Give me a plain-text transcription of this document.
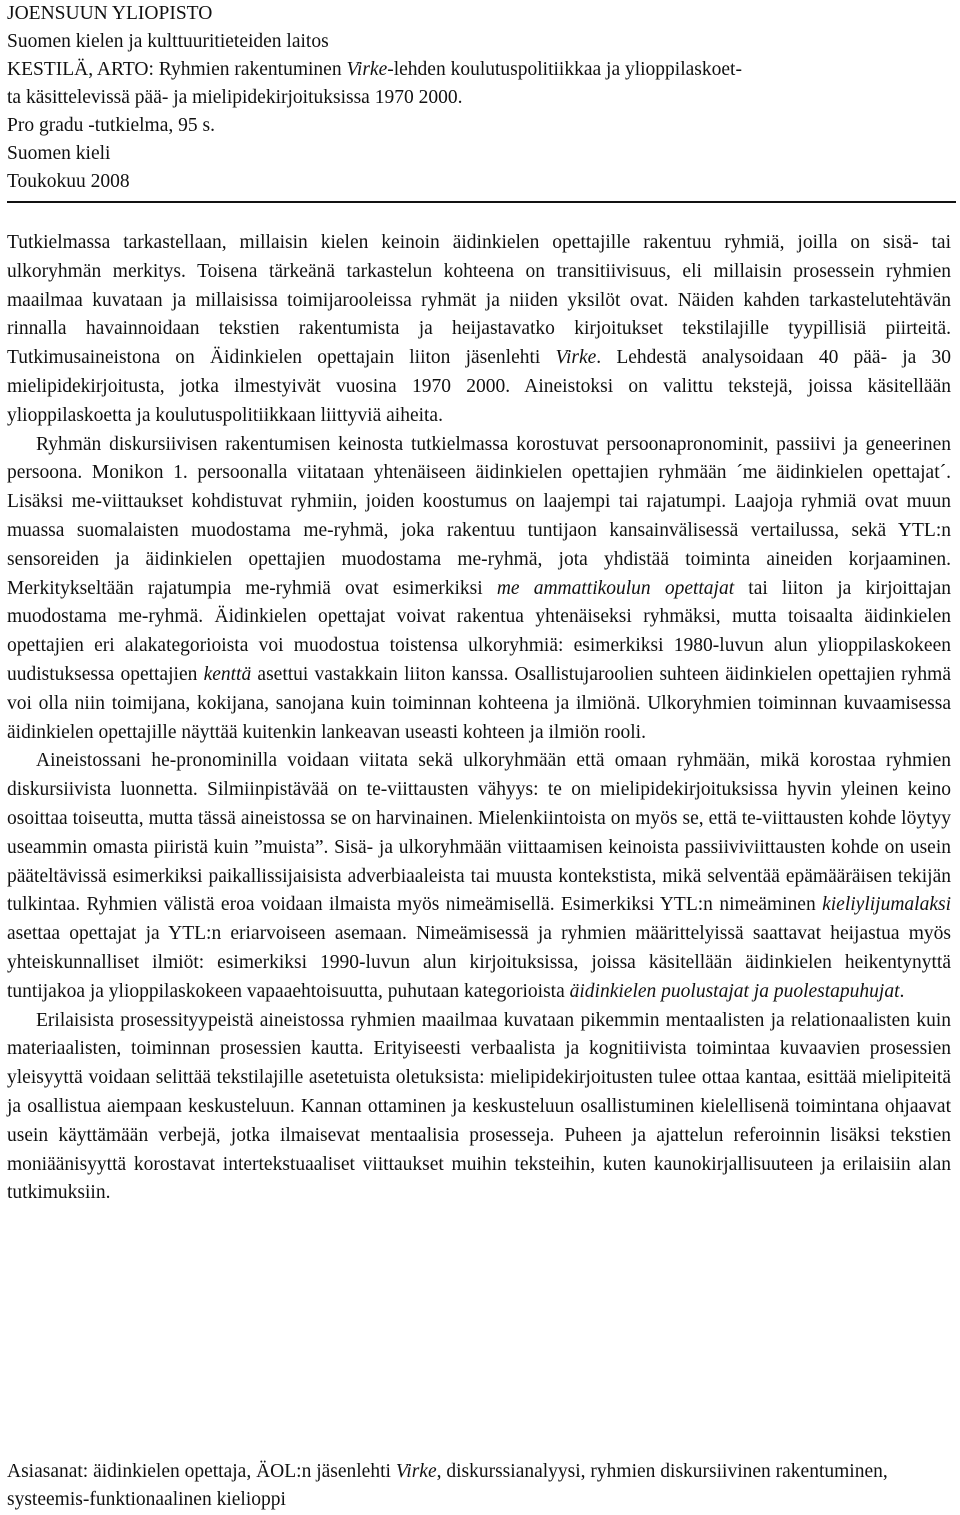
JOENSUUN YLIOPISTO
Suomen kielen ja kulttuuritieteiden laitos
KESTILÄ, ARTO: Ryhmien rakentuminen Virke-lehden koulutuspolitiikkaa ja ylioppilaskoet-
ta käsittelevissä pää- ja mielipidekirjoituksissa 1970 2000.
Pro gradu -tutkielma, 95 s.
Suomen kieli
Toukokuu 2008

Tutkielmassa tarkastellaan, millaisin kielen keinoin äidinkielen opettajille rakentuu ryhmiä, joilla on sisä- tai ulkoryhmän merkitys. Toisena tärkeänä tarkastelun kohteena on transitiivisuus, eli millaisin prosessein ryhmien maailmaa kuvataan ja millaisissa toimijarooleissa ryhmät ja niiden yksilöt ovat. Näiden kahden tarkastelutehtävän rinnalla havainnoidaan tekstien rakentumista ja heijastavatko kirjoitukset tekstilajille tyypillisiä piirteitä. Tutkimusaineistona on Äidinkielen opettajain liiton jäsenlehti Virke. Lehdestä analysoidaan 40 pää- ja 30 mielipidekirjoitusta, jotka ilmestyivät vuosina 1970 2000. Aineistoksi on valittu tekstejä, joissa käsitellään ylioppilaskoetta ja koulutuspolitiikkaan liittyviä aiheita.

Ryhmän diskursiivisen rakentumisen keinosta tutkielmassa korostuvat persoonapronominit, passiivi ja geneerinen persoona. Monikon 1. persoonalla viitataan yhtenäiseen äidinkielen opettajien ryhmään ´me äidinkielen opettajat´. Lisäksi me-viittaukset kohdistuvat ryhmiin, joiden koostumus on laajempi tai rajatumpi. Laajoja ryhmiä ovat muun muassa suomalaisten muodostama me-ryhmä, joka rakentuu tuntijaon kansainvälisessä vertailussa, sekä YTL:n sensoreiden ja äidinkielen opettajien muodostama me-ryhmä, jota yhdistää toiminta aineiden korjaaminen. Merkitykseltään rajatumpia me-ryhmiä ovat esimerkiksi me ammattikoulun opettajat tai liiton ja kirjoittajan muodostama me-ryhmä. Äidinkielen opettajat voivat rakentua yhtenäiseksi ryhmäksi, mutta toisaalta äidinkielen opettajien eri alakategorioista voi muodostua toistensa ulkoryhmiä: esimerkiksi 1980-luvun alun ylioppilaskokeen uudistuksessa opettajien kenttä asettui vastakkain liiton kanssa. Osallistujaroolien suhteen äidinkielen opettajien ryhmä voi olla niin toimijana, kokijana, sanojana kuin toiminnan kohteena ja ilmiönä. Ulkoryhmien toiminnan kuvaamisessa äidinkielen opettajille näyttää kuitenkin lankeavan useasti kohteen ja ilmiön rooli.

Aineistossani he-pronominilla voidaan viitata sekä ulkoryhmään että omaan ryhmään, mikä korostaa ryhmien diskursiivista luonnetta. Silmiinpistävää on te-viittausten vähyys: te on mielipidekirjoituksissa hyvin yleinen keino osoittaa toiseutta, mutta tässä aineistossa se on harvinainen. Mielenkiintoista on myös se, että te-viittausten kohde löytyy useammin omasta piiristä kuin ”muista”. Sisä- ja ulkoryhmään viittaamisen keinoista passiiviviittausten kohde on usein pääteltävissä esimerkiksi paikallissijaisista adverbiaaleista tai muusta kontekstista, mikä selventää epämääräisen tekijän tulkintaa. Ryhmien välistä eroa voidaan ilmaista myös nimeämisellä. Esimerkiksi YTL:n nimeäminen kieliylijumalaksi asettaa opettajat ja YTL:n eriarvoiseen asemaan. Nimeämisessä ja ryhmien määrittelyissä saattavat heijastua myös yhteiskunnalliset ilmiöt: esimerkiksi 1990-luvun alun kirjoituksissa, joissa käsitellään äidinkielen heikentynyttä tuntijakoa ja ylioppilaskokeen vapaaehtoisuutta, puhutaan kategorioista äidinkielen puolustajat ja puolestapuhujat.

Erilaisista prosessityypeistä aineistossa ryhmien maailmaa kuvataan pikemmin mentaalisten ja relationaalisten kuin materiaalisten, toiminnan prosessien kautta. Erityiseesti verbaalista ja kognitiivista toimintaa kuvaavien prosessien yleisyyttä voidaan selittää tekstilajille asetetuista oletuksista: mielipidekirjoitusten tulee ottaa kantaa, esittää mielipiteitä ja osallistua aiempaan keskusteluun. Kannan ottaminen ja keskusteluun osallistuminen kielellisenä toimintana ohjaavat usein käyttämään verbejä, jotka ilmaisevat mentaalisia prosesseja. Puheen ja ajattelun referoinnin lisäksi tekstien moniäänisyyttä korostavat intertekstuaaliset viittaukset muihin teksteihin, kuten kaunokirjallisuuteen ja erilaisiin alan tutkimuksiin.

Asiasanat: äidinkielen opettaja, ÄOL:n jäsenlehti Virke, diskurssianalyysi, ryhmien diskursiivinen rakentuminen, systeemis-funktionaalinen kielioppi
